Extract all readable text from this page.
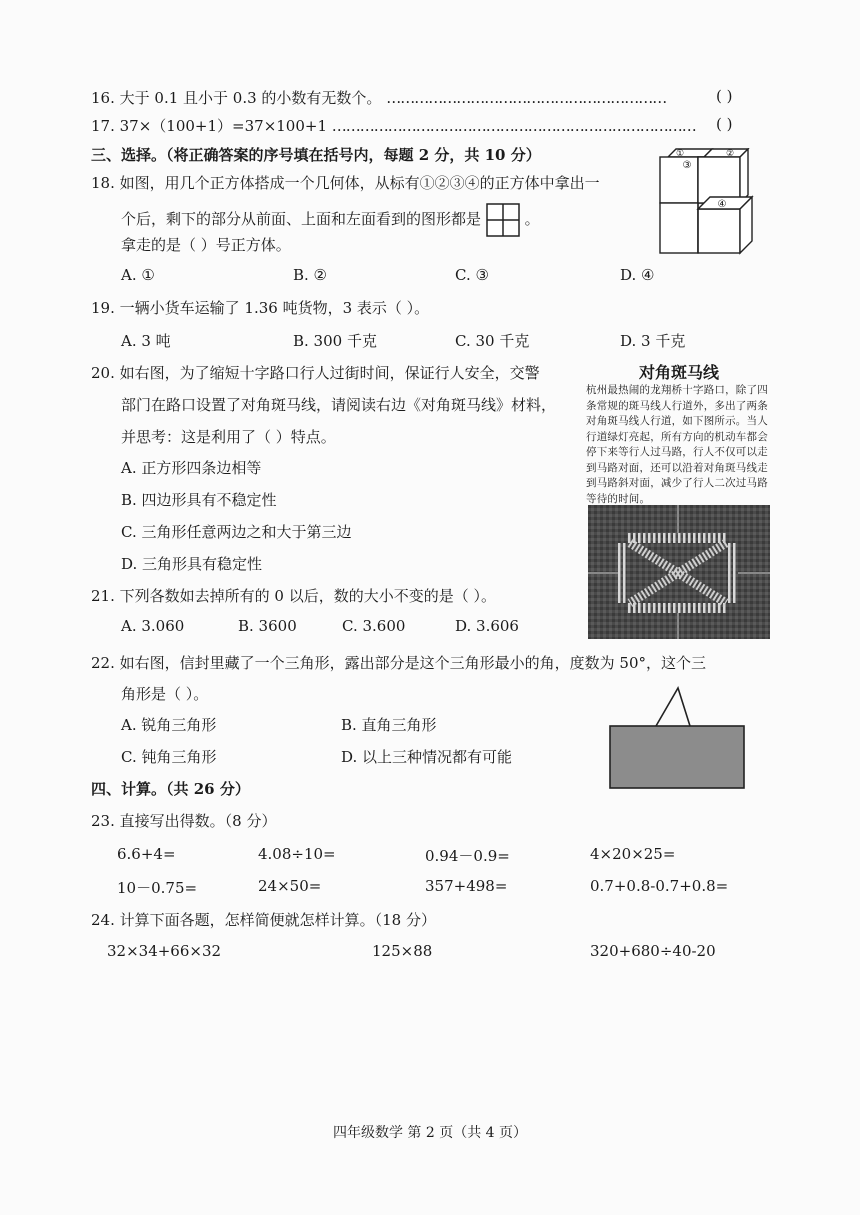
16. 大于 0.1 且小于 0.3 的小数有无数个。 ……………………………………………………	( )
17. 37×（100+1）=37×100+1 …………………………………………………………………… ( )
三、选择。（将正确答案的序号填在括号内，每题 2 分，共 10 分）
18. 如图，用几个正方体搭成一个几何体，从标有①②③④的正方体中拿出一
个后，剩下的部分从前面、上面和左面看到的图形都是	。
拿走的是（ ）号正方体。
①	②
③
④
A. ①	B. ②	C. ③	D. ④
19. 一辆小货车运输了 1.36 吨货物，3 表示（ ）。
A. 3 吨	B. 300 千克	C. 30 千克	D. 3 千克
20. 如右图，为了缩短十字路口行人过街时间，保证行人安全，交警
部门在路口设置了对角斑马线，请阅读右边《对角斑马线》材料，
并思考：这是利用了（ ）特点。
A. 正方形四条边相等
B. 四边形具有不稳定性
C. 三角形任意两边之和大于第三边
D. 三角形具有稳定性
对角斑马线
杭州最热闹的龙翔桥十字路口，除了四条常规的斑马线人行道外，多出了两条对角斑马线人行道，如下图所示。当人行道绿灯亮起，所有方向的机动车都会停下来等行人过马路，行人不仅可以走到马路对面，还可以沿着对角斑马线走到马路斜对面，减少了行人二次过马路等待的时间。
21. 下列各数如去掉所有的 0 以后，数的大小不变的是（ ）。
A. 3.060	B. 3600	C. 3.600	D. 3.606
22. 如右图，信封里藏了一个三角形，露出部分是这个三角形最小的角，度数为 50°，这个三
角形是（ ）。
A. 锐角三角形	B. 直角三角形
C. 钝角三角形	D. 以上三种情况都有可能
四、计算。（共 26 分）
23. 直接写出得数。（8 分）
6.6+4=	4.08÷10=	0.94－0.9=	4×20×25=
10－0.75=	24×50=	357+498=	0.7+0.8-0.7+0.8=
24. 计算下面各题，怎样简便就怎样计算。（18 分）
32×34+66×32	125×88	320+680÷40-20
四年级数学 第 2 页（共 4 页）
